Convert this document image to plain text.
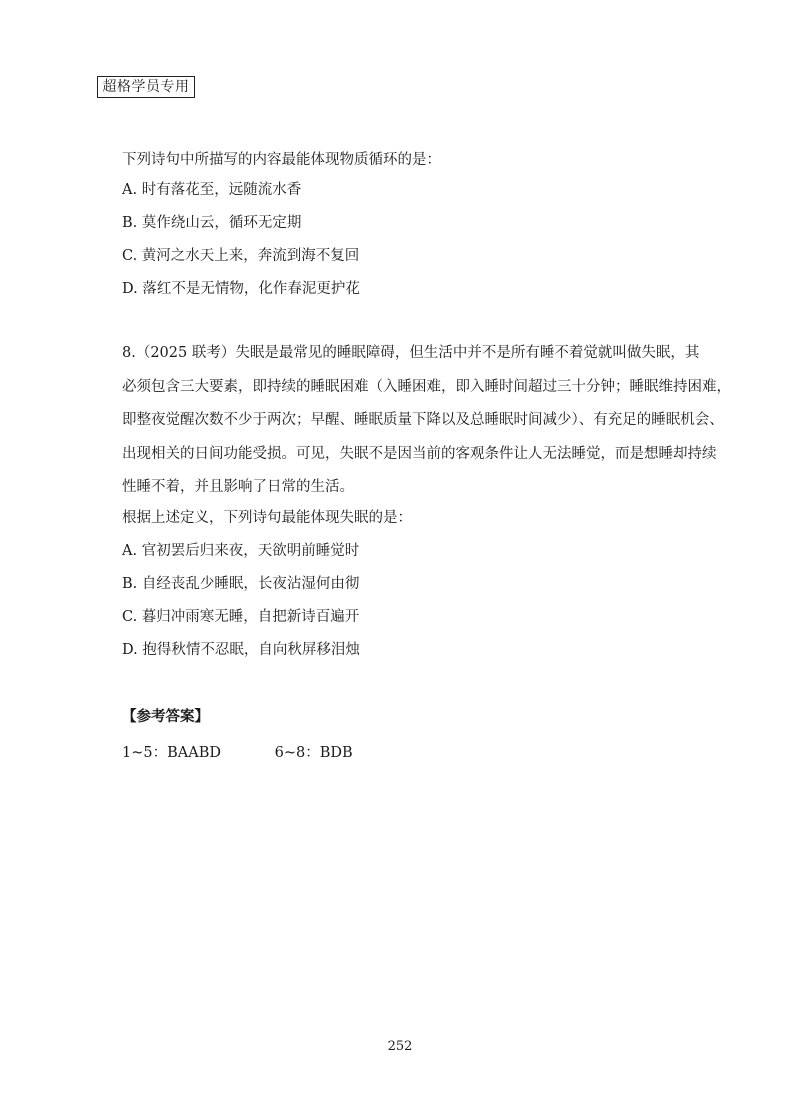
超格学员专用
下列诗句中所描写的内容最能体现物质循环的是：
A. 时有落花至，远随流水香
B. 莫作绕山云，循环无定期
C. 黄河之水天上来，奔流到海不复回
D. 落红不是无情物，化作春泥更护花
8.（2025 联考）失眠是最常见的睡眠障碍，但生活中并不是所有睡不着觉就叫做失眠，其
必须包含三大要素，即持续的睡眠困难（入睡困难，即入睡时间超过三十分钟；睡眠维持困难，
即整夜觉醒次数不少于两次；早醒、睡眠质量下降以及总睡眠时间减少）、有充足的睡眠机会、
出现相关的日间功能受损。可见，失眠不是因当前的客观条件让人无法睡觉，而是想睡却持续
性睡不着，并且影响了日常的生活。
根据上述定义，下列诗句最能体现失眠的是：
A. 官初罢后归来夜，天欲明前睡觉时
B. 自经丧乱少睡眠，长夜沾湿何由彻
C. 暮归冲雨寒无睡，自把新诗百遍开
D. 抱得秋情不忍眠，自向秋屏移泪烛
【参考答案】
1~5：BAABD	6~8：BDB
252
